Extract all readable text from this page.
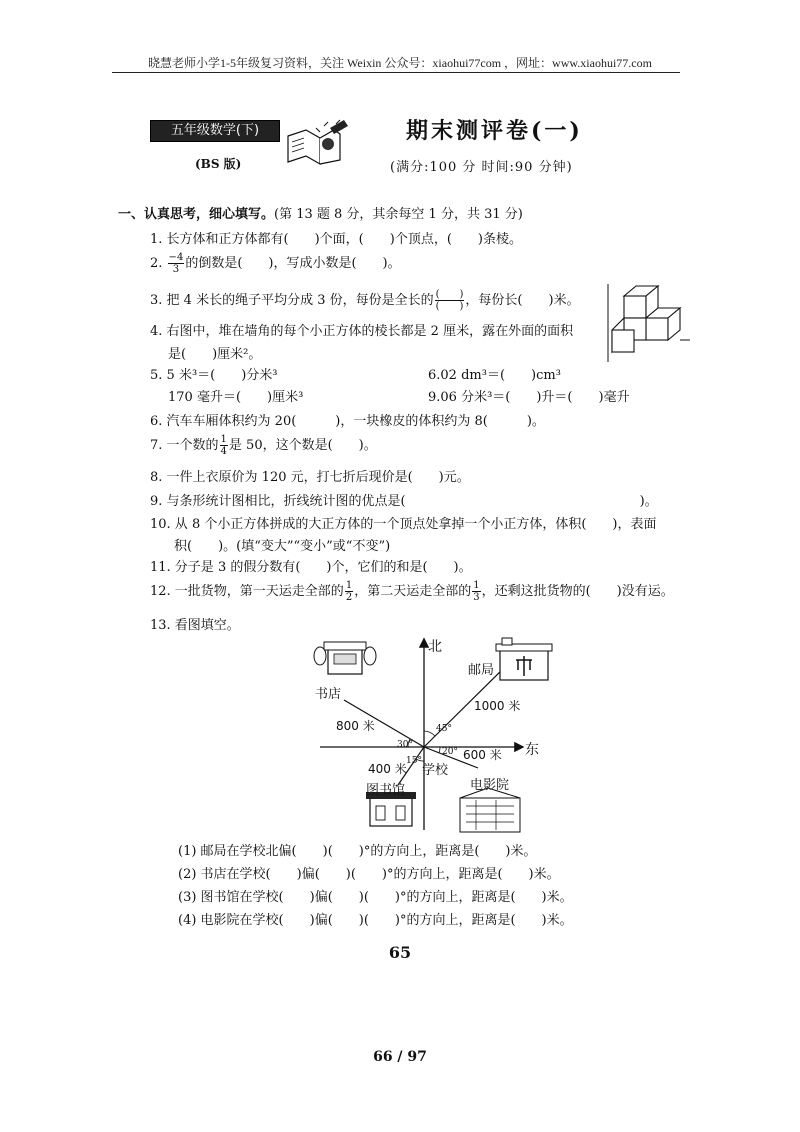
晓慧老师小学1-5年级复习资料，关注 Weixin 公众号：xiaohui77com ，网址：www.xiaohui77.com
五年级数学(下)
(BS 版)
期末测评卷(一)
(满分:100 分 时间:90 分钟)
一、认真思考，细心填写。(第 13 题 8 分，其余每空 1 分，共 31 分)
1. 长方体和正方体都有(　　)个面，(　　)个顶点，(　　)条棱。
2. $\frac{-4}{3}$ 的倒数是(　　)，写成小数是(　　)。
3. 把 4 米长的绳子平均分成 3 份，每份是全长的 $\frac{( )}{( )}$ ，每份长(　　)米。
4. 右图中，堆在墙角的每个小正方体的棱长都是 2 厘米，露在外面的面积
是(　　)厘米²。
5. 5 米³＝(　　)分米³	6.02 dm³＝(　　)cm³
170 毫升＝(　　)厘米³	9.06 分米³＝(　　)升＝(　　)毫升
6. 汽车车厢体积约为 20(　　　)，一块橡皮的体积约为 8(　　　)。
7. 一个数的 $\frac{1}{4}$ 是 50，这个数是(　　)。
8. 一件上衣原价为 120 元，打七折后现价是(　　)元。
9. 与条形统计图相比，折线统计图的优点是(　　　　　　　　　　　　　　　　　　)。
10. 从 8 个小正方体拼成的大正方体的一个顶点处拿掉一个小正方体，体积(　　)，表面
积(　　)。(填“变大”“变小”或“不变”)
11. 分子是 3 的假分数有(　　)个，它们的和是(　　)。
12. 一批货物，第一天运走全部的 $\frac{1}{2}$ ，第二天运走全部的 $\frac{1}{3}$ ，还剩这批货物的(　　)没有运。
13. 看图填空。
北
东
邮局
书店
图书馆
学校
电影院
1000 米
800 米
400 米
600 米
45°
30°
15°
20°
(1) 邮局在学校北偏(　　)(　　)°的方向上，距离是(　　)米。
(2) 书店在学校(　　)偏(　　)(　　)°的方向上，距离是(　　)米。
(3) 图书馆在学校(　　)偏(　　)(　　)°的方向上，距离是(　　)米。
(4) 电影院在学校(　　)偏(　　)(　　)°的方向上，距离是(　　)米。
65
66 / 97
